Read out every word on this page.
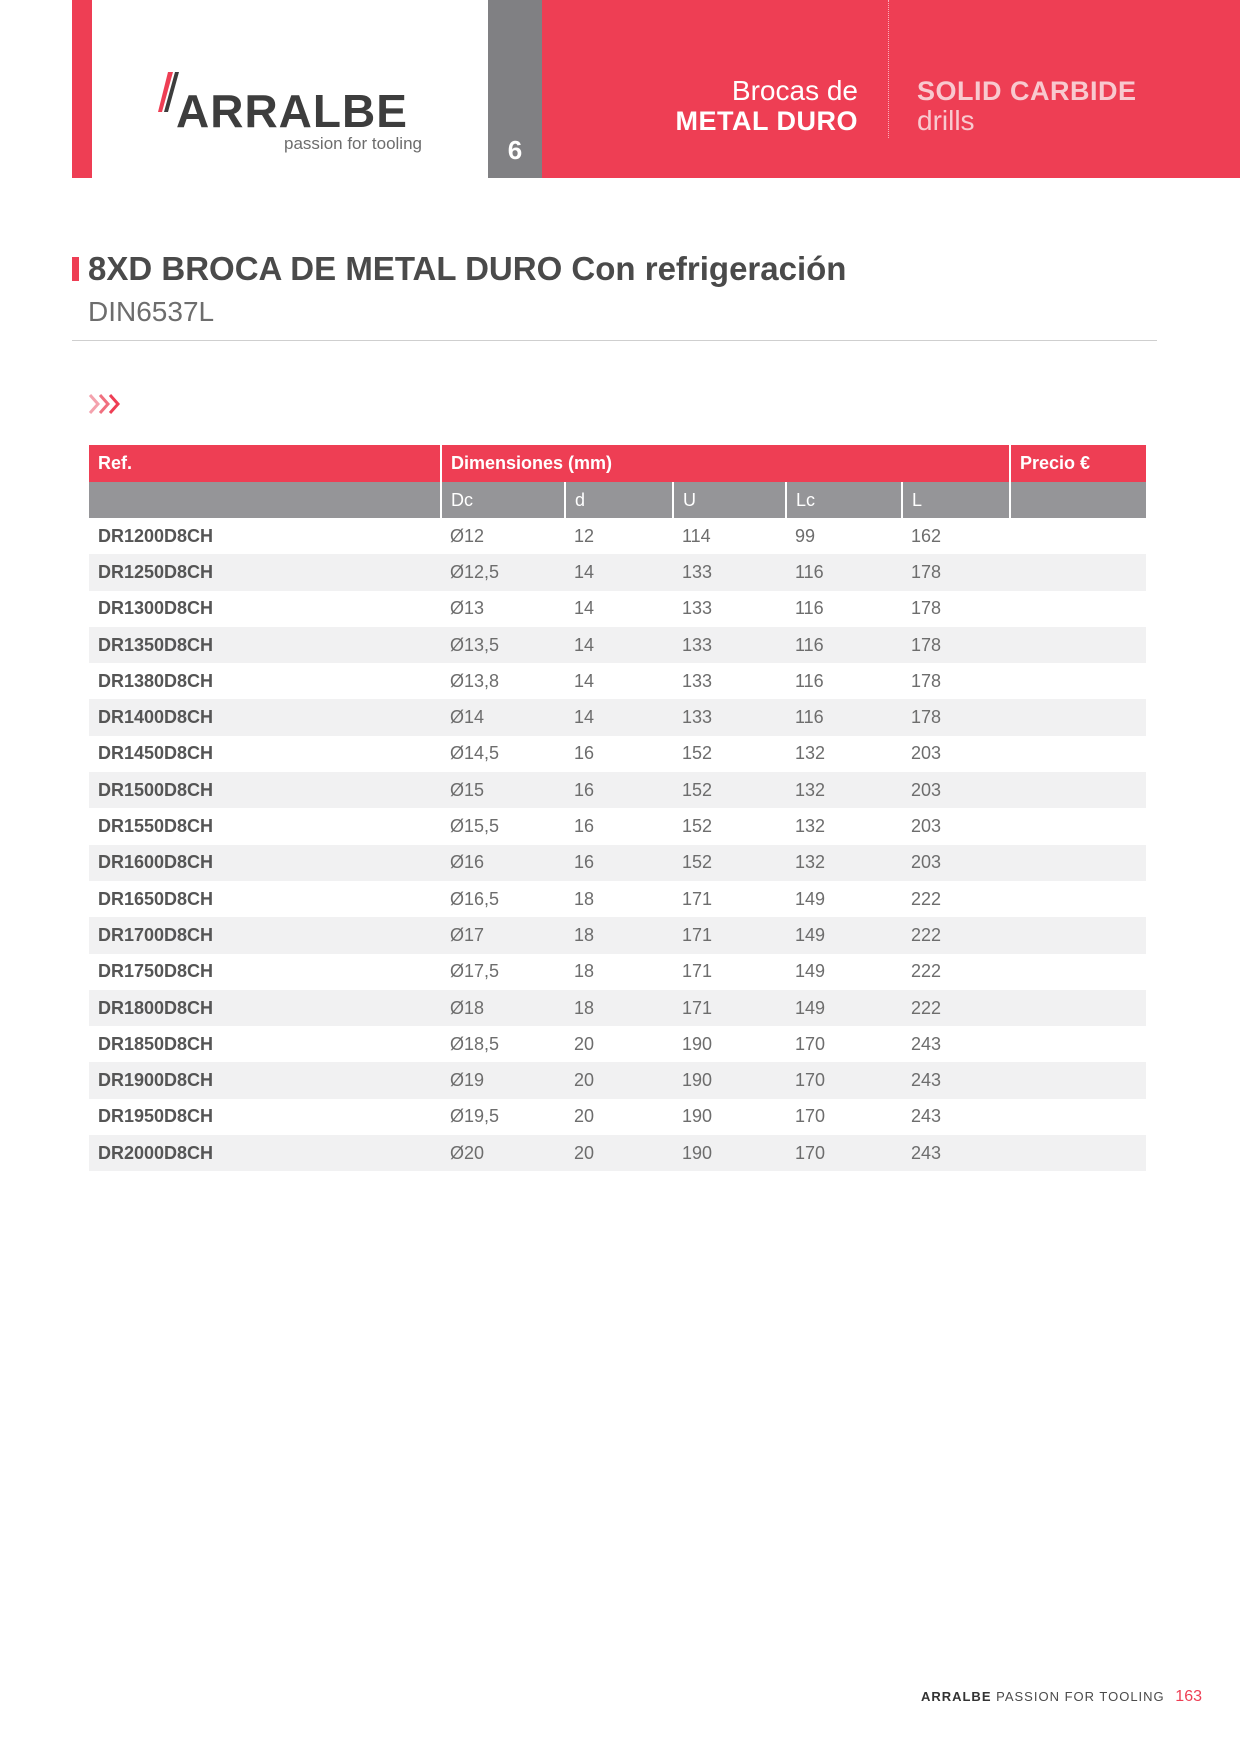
ARRALBE
passion for tooling	6
Brocas de
METAL DURO
SOLID CARBIDE
drills
8XD BROCA DE METAL DURO Con refrigeración
DIN6537L
Ref.	Dimensiones (mm)					Precio €
	Dc	d	U	Lc	L	
DR1200D8CH	Ø12	12	114	99	162	
DR1250D8CH	Ø12,5	14	133	116	178	
DR1300D8CH	Ø13	14	133	116	178	
DR1350D8CH	Ø13,5	14	133	116	178	
DR1380D8CH	Ø13,8	14	133	116	178	
DR1400D8CH	Ø14	14	133	116	178	
DR1450D8CH	Ø14,5	16	152	132	203	
DR1500D8CH	Ø15	16	152	132	203	
DR1550D8CH	Ø15,5	16	152	132	203	
DR1600D8CH	Ø16	16	152	132	203	
DR1650D8CH	Ø16,5	18	171	149	222	
DR1700D8CH	Ø17	18	171	149	222	
DR1750D8CH	Ø17,5	18	171	149	222	
DR1800D8CH	Ø18	18	171	149	222	
DR1850D8CH	Ø18,5	20	190	170	243	
DR1900D8CH	Ø19	20	190	170	243	
DR1950D8CH	Ø19,5	20	190	170	243	
DR2000D8CH	Ø20	20	190	170	243	
ARRALBE PASSION FOR TOOLING 163
